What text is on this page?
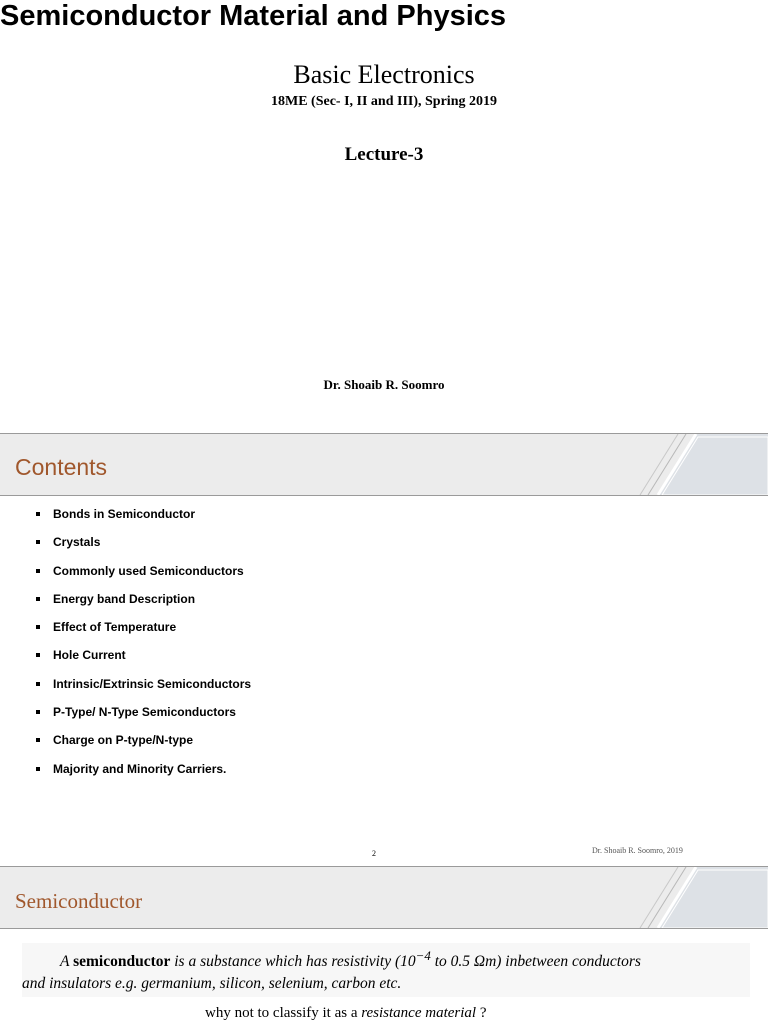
Basic Electronics
18ME (Sec- I, II and III), Spring 2019
Lecture-3
Semiconductor Material and Physics
Dr. Shoaib R. Soomro
Contents
Bonds in Semiconductor
Crystals
Commonly used Semiconductors
Energy band Description
Effect of Temperature
Hole Current
Intrinsic/Extrinsic Semiconductors
P-Type/ N-Type Semiconductors
Charge on P-type/N-type
Majority and Minority Carriers.
2	Dr. Shoaib R. Soomro, 2019
Semiconductor
A semiconductor is a substance which has resistivity ($10^{-4}$ to 0.5 Ωm) inbetween conductors
and insulators e.g. germanium, silicon, selenium, carbon etc.
why not to classify it as a resistance material ?
